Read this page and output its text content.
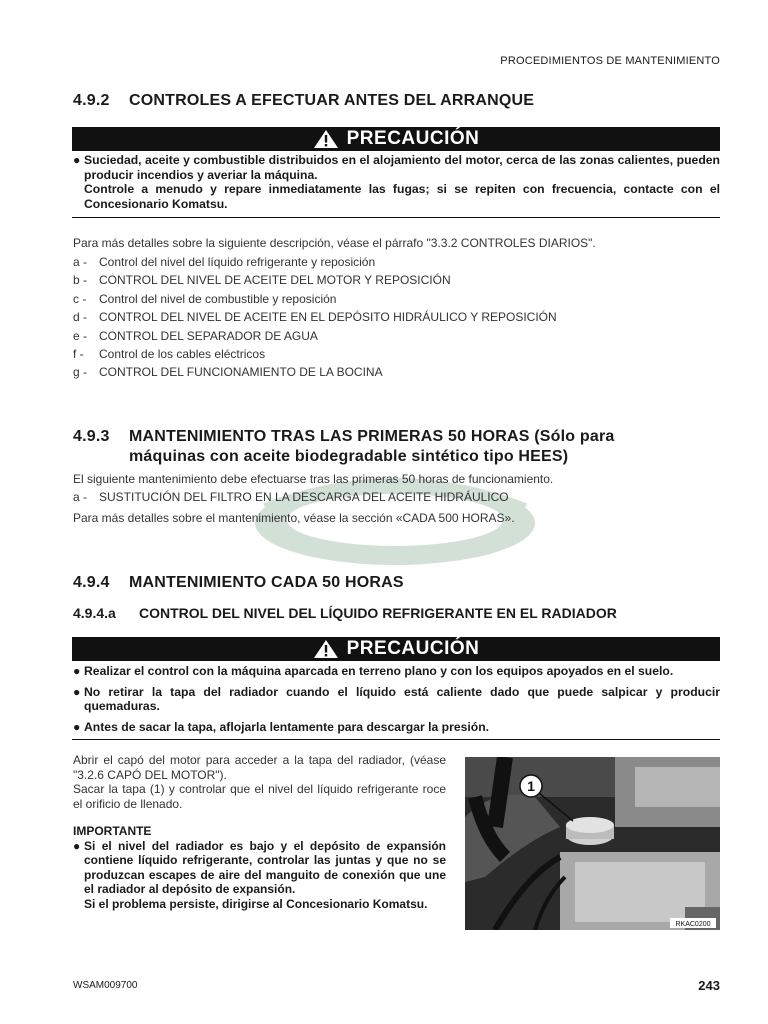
PROCEDIMIENTOS DE MANTENIMIENTO
4.9.2 CONTROLES A EFECTUAR ANTES DEL ARRANQUE
PRECAUCIÓN
● Suciedad, aceite y combustible distribuidos en el alojamiento del motor, cerca de las zonas calientes, pueden producir incendios y averiar la máquina.
Controle a menudo y repare inmediatamente las fugas; si se repiten con frecuencia, contacte con el Concesionario Komatsu.
Para más detalles sobre la siguiente descripción, véase el párrafo "3.3.2 CONTROLES DIARIOS".
a - Control del nivel del líquido refrigerante y reposición
b - CONTROL DEL NIVEL DE ACEITE DEL MOTOR Y REPOSICIÓN
c -	Control del nivel de combustible y reposición
d - CONTROL DEL NIVEL DE ACEITE EN EL DEPÓSITO HIDRÁULICO Y REPOSICIÓN
e - CONTROL DEL SEPARADOR DE AGUA
f -	Control de los cables eléctricos
g - CONTROL DEL FUNCIONAMIENTO DE LA BOCINA
4.9.3 MANTENIMIENTO TRAS LAS PRIMERAS 50 HORAS (Sólo para
máquinas con aceite biodegradable sintético tipo HEES)
El siguiente mantenimiento debe efectuarse tras las primeras 50 horas de funcionamiento.
a - SUSTITUCIÓN DEL FILTRO EN LA DESCARGA DEL ACEITE HIDRÁULICO
Para más detalles sobre el mantenimiento, véase la sección «CADA 500 HORAS».
4.9.4 MANTENIMIENTO CADA 50 HORAS
4.9.4.a CONTROL DEL NIVEL DEL LÍQUIDO REFRIGERANTE EN EL RADIADOR
PRECAUCIÓN
● Realizar el control con la máquina aparcada en terreno plano y con los equipos apoyados en el suelo.
● No retirar la tapa del radiador cuando el líquido está caliente dado que puede salpicar y producir quemaduras.
● Antes de sacar la tapa, aflojarla lentamente para descargar la presión.
Abrir el capó del motor para acceder a la tapa del radiador, (véase "3.2.6 CAPÓ DEL MOTOR").
Sacar la tapa (1) y controlar que el nivel del líquido refrigerante roce el orificio de llenado.
IMPORTANTE
● Si el nivel del radiador es bajo y el depósito de expansión contiene líquido refrigerante, controlar las juntas y que no se produzcan escapes de aire del manguito de conexión que une el radiador al depósito de expansión.
Si el problema persiste, dirigirse al Concesionario Komatsu.
1
RKAC0200
WSAM009700	243
